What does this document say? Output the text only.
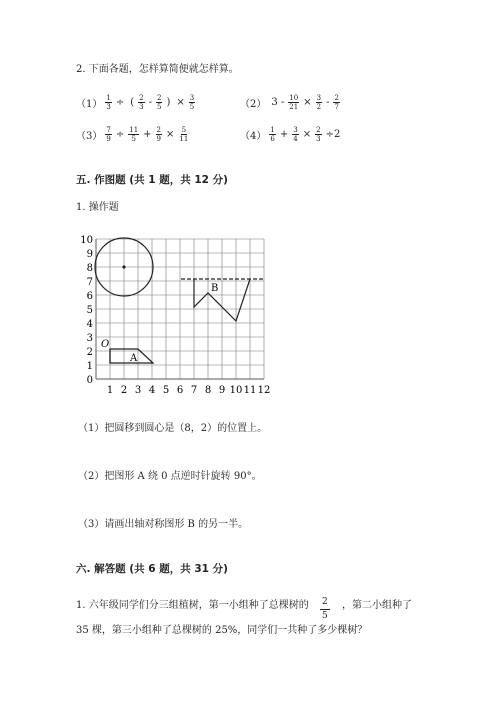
2. 下面各题，怎样算简便就怎样算。
$(1) \frac{1}{3}$ ÷ ( $\frac{2}{3} - \frac{2}{5}$ ) × $\frac{3}{5}$	（2） $3 - \frac{10}{21} \times \frac{3}{2} - \frac{2}{7}$
$(3) \frac{7}{9} \div \frac{11}{5} + \frac{2}{9} \times \frac{5}{11}$	$(4) \frac{1}{6} + \frac{3}{4} \times \frac{2}{3} \div 2$
五. 作图题 (共 1 题，共 12 分)
1. 操作题
10
9
8
7
6
5
4
3
2
1
0
1 2 3 4 5 6 7 8 9 10 11 12
B
A
O
（1）把圆移到圆心是（8，2）的位置上。
（2）把图形 A 绕 0 点逆时针旋转 90°。
（3）请画出轴对称图形 B 的另一半。
六. 解答题 (共 6 题，共 31 分)
1. 六年级同学们分三组植树，第一小组种了总棵树的 $\frac{2}{5}$ ，第二小组种了
35 棵，第三小组种了总棵树的 25%，同学们一共种了多少棵树？
